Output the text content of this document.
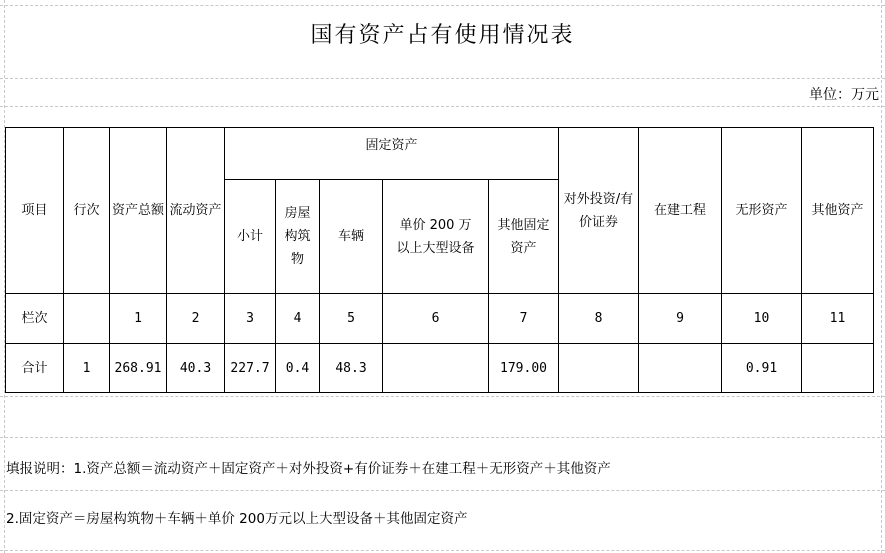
国有资产占有使用情况表
单位：万元
项目	行次	资产总额	流动资产	固定资产					对外投资/有价证券	在建工程	无形资产	其他资产
				小计	房屋构筑物	车辆	单价 200 万以上大型设备	其他固定资产				
栏次		1	2	3	4	5	6	7	8	9	10	11
合计	1	268.91	40.3	227.7	0.4	48.3		179.00			0.91	
填报说明：1.资产总额＝流动资产＋固定资产＋对外投资+有价证券＋在建工程＋无形资产＋其他资产
2.固定资产＝房屋构筑物＋车辆＋单价 200万元以上大型设备＋其他固定资产
